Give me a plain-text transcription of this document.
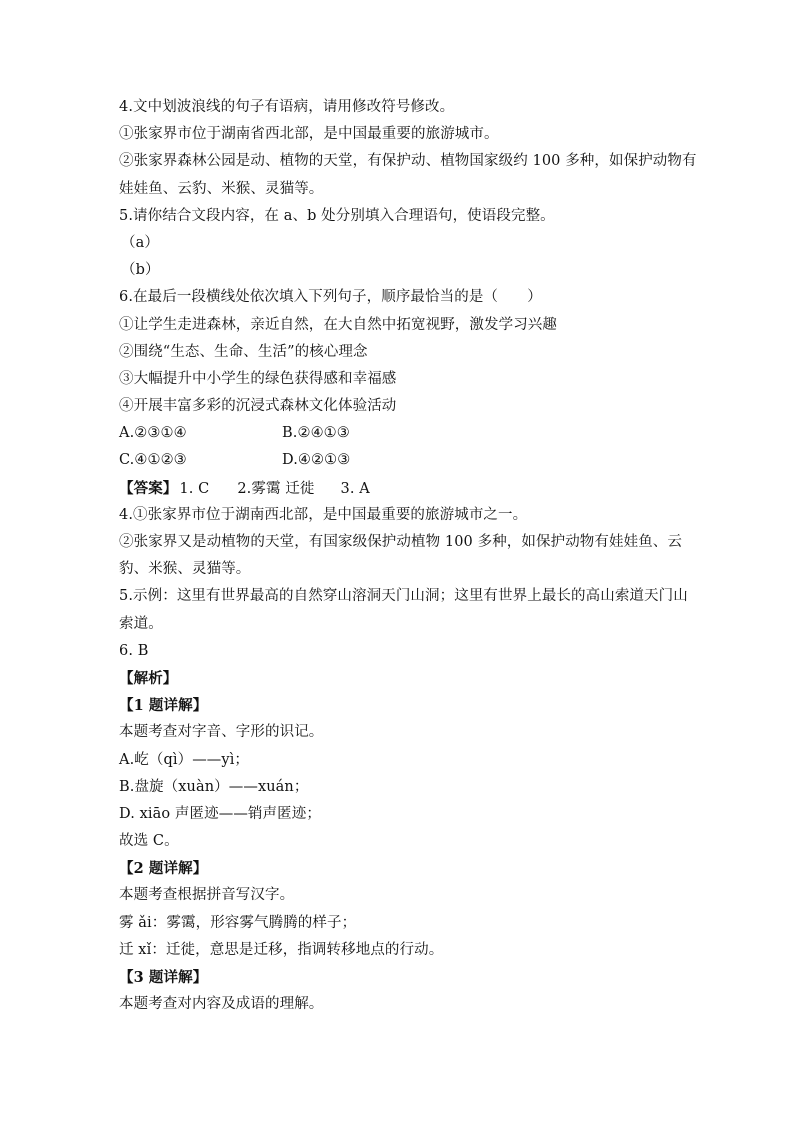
4.文中划波浪线的句子有语病，请用修改符号修改。
①张家界市位于湖南省西北部，是中国最重要的旅游城市。
②张家界森林公园是动、植物的天堂，有保护动、植物国家级约 100 多种，如保护动物有
娃娃鱼、云豹、米猴、灵猫等。
5.请你结合文段内容，在 a、b 处分别填入合理语句，使语段完整。
（a）
（b）
6.在最后一段横线处依次填入下列句子，顺序最恰当的是（　　）
①让学生走进森林，亲近自然，在大自然中拓宽视野，激发学习兴趣
②围绕“生态、生命、生活”的核心理念
③大幅提升中小学生的绿色获得感和幸福感
④开展丰富多彩的沉浸式森林文化体验活动
A.②③①④	B.②④①③
C.④①②③	D.④②①③
【答案】 1. C 2.雾霭 迁徙 3. A
4.①张家界市位于湖南西北部，是中国最重要的旅游城市之一。
②张家界又是动植物的天堂，有国家级保护动植物 100 多种，如保护动物有娃娃鱼、云
豹、米猴、灵猫等。
5.示例：这里有世界最高的自然穿山溶洞天门山洞；这里有世界上最长的高山索道天门山
索道。
6. B
【解析】
【1 题详解】
本题考查对字音、字形的识记。
A.屹（qì）——yì；
B.盘旋（xuàn）——xuán；
D. xiāo 声匿迹——销声匿迹；
故选 C。
【2 题详解】
本题考查根据拼音写汉字。
雾 ǎi：雾霭，形容雾气腾腾的样子；
迁 xǐ：迁徙，意思是迁移，指调转移地点的行动。
【3 题详解】
本题考查对内容及成语的理解。
